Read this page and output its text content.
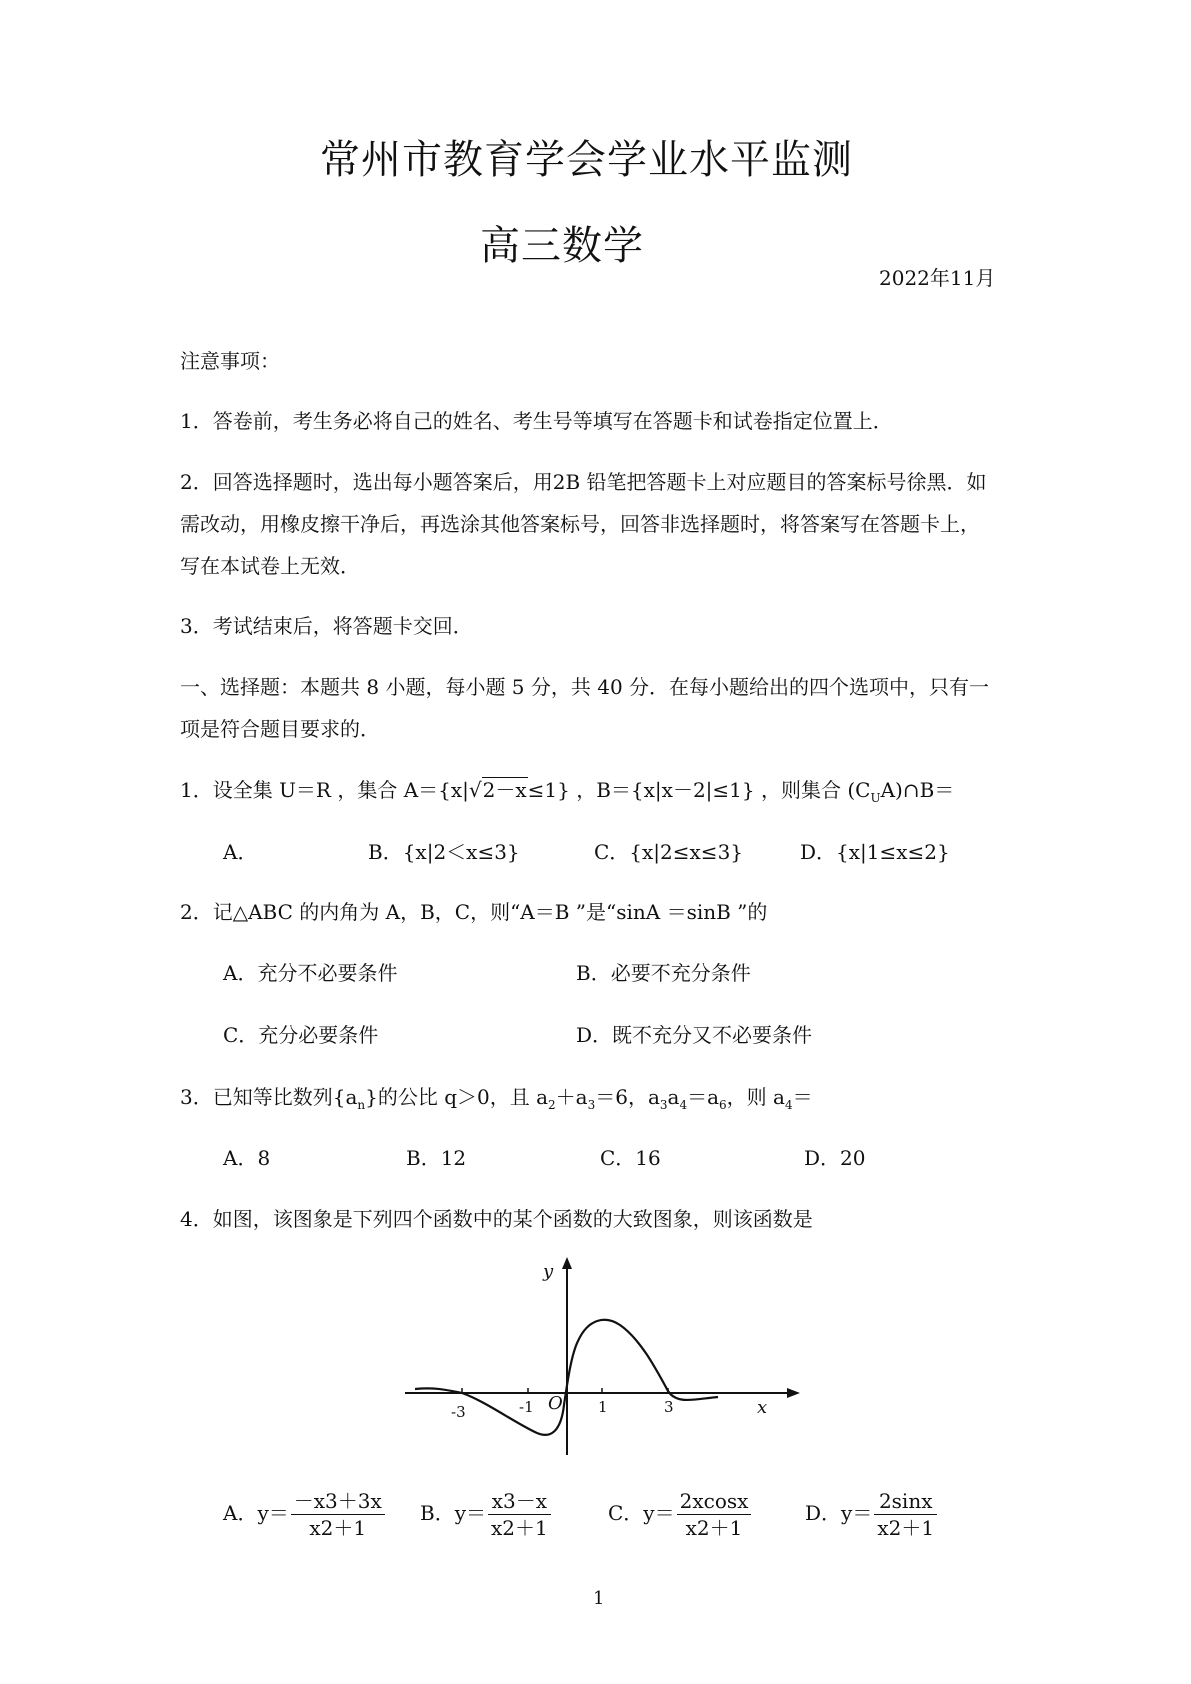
常州市教育学会学业水平监测
高三数学
2022年11月
注意事项：
1．答卷前，考生务必将自己的姓名、考生号等填写在答题卡和试卷指定位置上．
2．回答选择题时，选出每小题答案后，用2B 铅笔把答题卡上对应题目的答案标号徐黑．如
需改动，用橡皮擦干净后，再选涂其他答案标号，回答非选择题时，将答案写在答题卡上，
写在本试卷上无效．
3．考试结束后，将答题卡交回．
一、选择题：本题共 8 小题，每小题 5 分，共 40 分．在每小题给出的四个选项中，只有一
项是符合题目要求的．
1．设全集 U＝R ，集合 A＝{x|√2－x≤1} ，B＝{x|x－2|≤1} ，则集合 $(C_UA)\cap B=$
A．	B．{x|2＜x≤3}	C．{x|2≤x≤3}	D．{x|1≤x≤2}
2．记△ABC 的内角为 A，B，C，则“A＝B ”是“sinA ＝sinB ”的
A．充分不必要条件	B．必要不充分条件
C．充分必要条件	D．既不充分又不必要条件
3．已知等比数列$\{a_n\}$的公比 q＞0，且 $a_2+a_3=6$，$a_3a_4=a_6$，则 $a_4=$
A．8	B．12	C．16	D．20
4．如图，该图象是下列四个函数中的某个函数的大致图象，则该函数是
y
x
O
-3	-1	1	3
A．$y= \frac{-x3+3x}{x2+1}$ B．$y= \frac{x3-x}{x2+1}$	C．$y= \frac{2xcosx}{x2+1}$	D．$y= \frac{2\sin x}{x2+1}$
1
